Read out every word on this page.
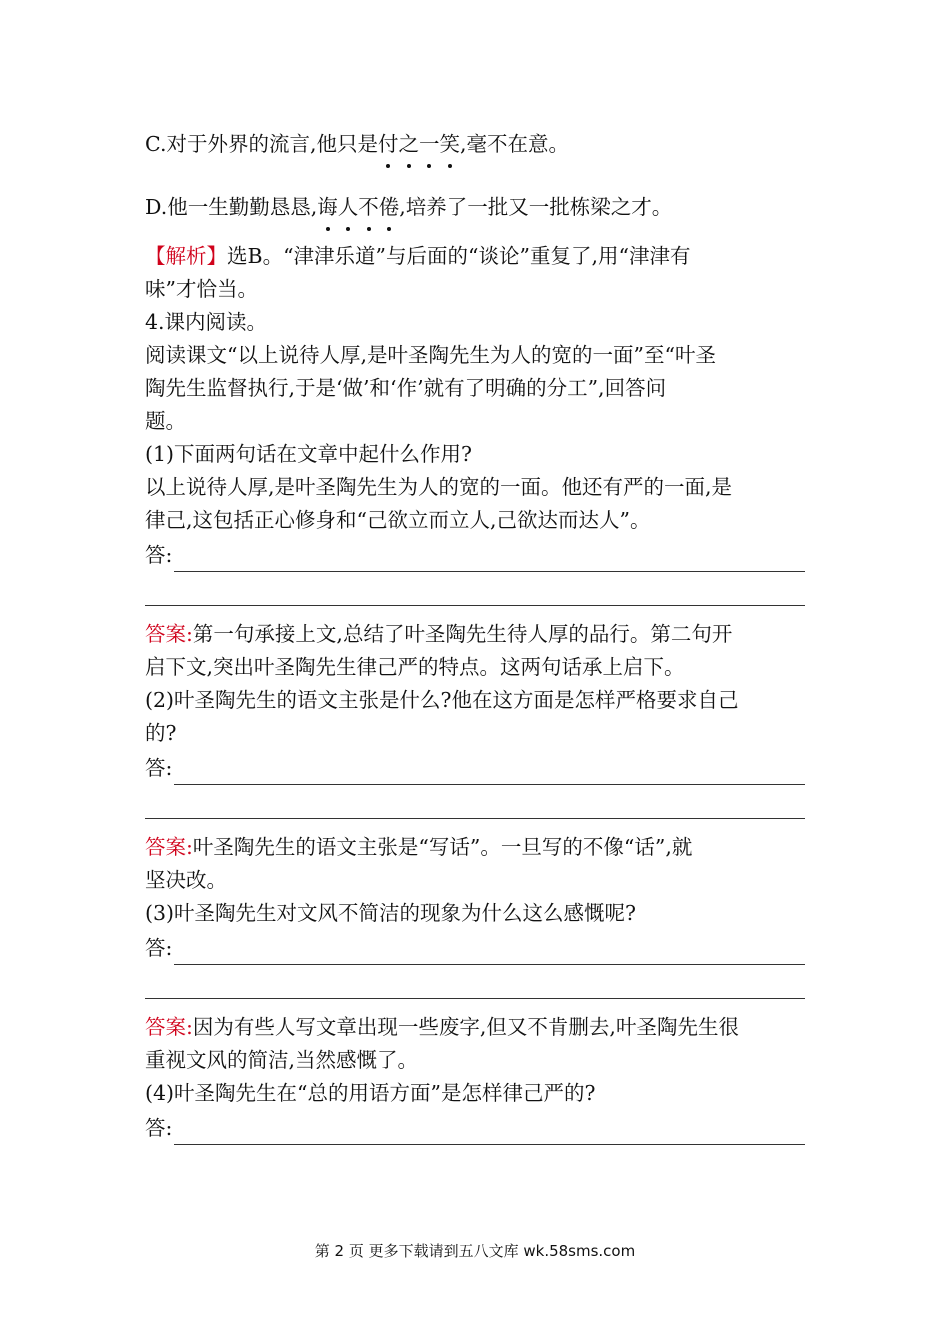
C.对于外界的流言,他只是付之一笑,毫不在意。
D.他一生勤勤恳恳,诲人不倦,培养了一批又一批栋梁之才。
【解析】选B。“津津乐道”与后面的“谈论”重复了,用“津津有
味”才恰当。
4.课内阅读。
阅读课文“以上说待人厚,是叶圣陶先生为人的宽的一面”至“叶圣
陶先生监督执行,于是‘做’和‘作’就有了明确的分工”,回答问
题。
(1)下面两句话在文章中起什么作用?
以上说待人厚,是叶圣陶先生为人的宽的一面。他还有严的一面,是
律己,这包括正心修身和“己欲立而立人,己欲达而达人”。
答:
答案:第一句承接上文,总结了叶圣陶先生待人厚的品行。第二句开
启下文,突出叶圣陶先生律己严的特点。这两句话承上启下。
(2)叶圣陶先生的语文主张是什么?他在这方面是怎样严格要求自己
的?
答:
答案:叶圣陶先生的语文主张是“写话”。一旦写的不像“话”,就
坚决改。
(3)叶圣陶先生对文风不简洁的现象为什么这么感慨呢?
答:
答案:因为有些人写文章出现一些废字,但又不肯删去,叶圣陶先生很
重视文风的简洁,当然感慨了。
(4)叶圣陶先生在“总的用语方面”是怎样律己严的?
答:
第 2 页 更多下载请到五八文库 wk.58sms.com
